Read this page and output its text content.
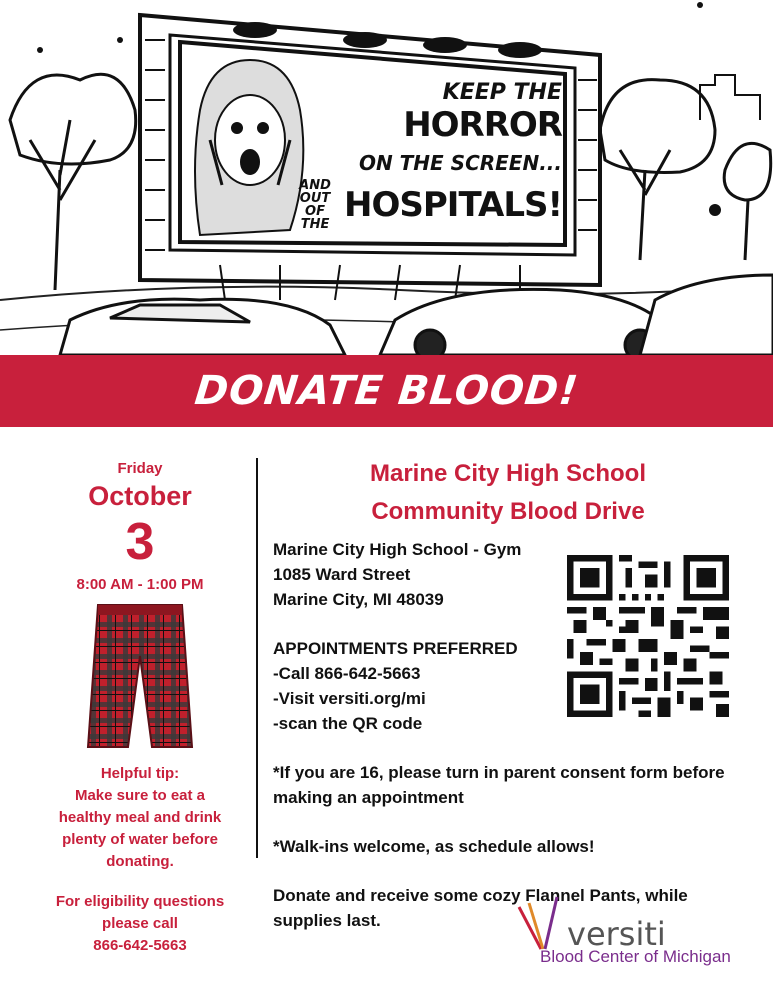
KEEP THE HORROR
ON THE SCREEN...
AND OUT
OF THE HOSPITALS!
DONATE BLOOD!
Friday
October
3
8:00 AM - 1:00 PM
Helpful tip:
Make sure to eat a
healthy meal and drink
plenty of water before
donating.
For eligibility questions
please call
866-642-5663
Marine City High School
Community Blood Drive
Marine City High School - Gym
1085 Ward Street
Marine City, MI 48039
APPOINTMENTS PREFERRED
-Call 866-642-5663
-Visit versiti.org/mi
-scan the QR code
*If you are 16, please turn in parent consent form before making an appointment
*Walk-ins welcome, as schedule allows!
Donate and receive some cozy Flannel Pants, while supplies last.	versiti
Blood Center of Michigan
